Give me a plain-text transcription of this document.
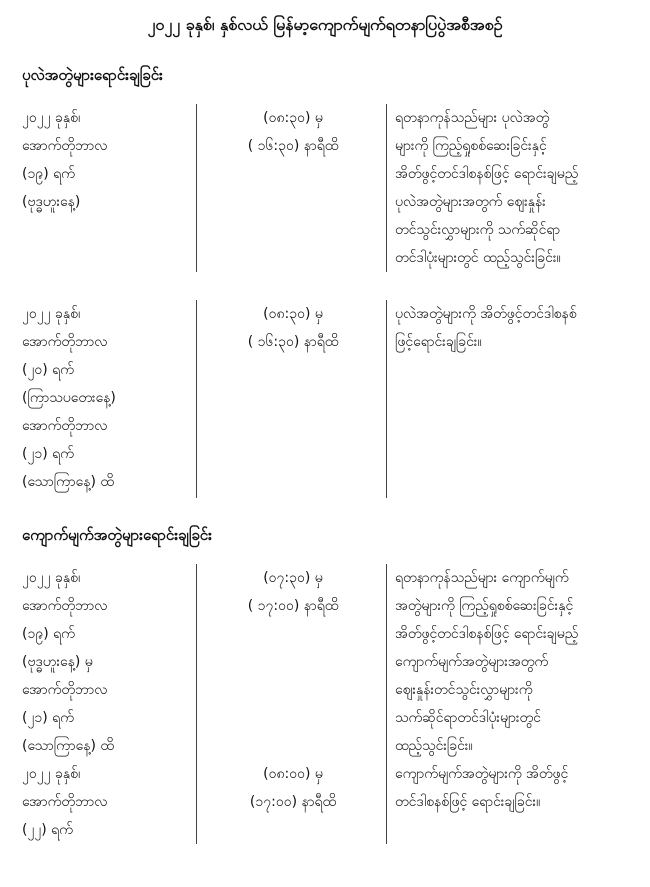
၂၀၂၂ ခုနှစ်၊ နှစ်လယ် မြန်မာ့ကျောက်မျက်ရတနာပြပွဲအစီအစဉ်
ပုလဲအတွဲများရောင်းချခြင်း
၂၀၂၂ ခုနှစ်၊
အောက်တိုဘာလ
(၁၉) ရက်
(ဗုဒ္ဓဟူးနေ့)
(၀၈:၃၀) မှ
( ၁၆:၃၀) နာရီထိ
ရတနာကုန်သည်များ ပုလဲအတွဲ
များကို ကြည့်ရှုစစ်ဆေးခြင်းနှင့်
အိတ်ဖွင့်တင်ဒါစနစ်ဖြင့် ရောင်းချမည့်
ပုလဲအတွဲများအတွက် ဈေးနှုန်း
တင်သွင်းလွှာများကို သက်ဆိုင်ရာ
တင်ဒါပုံးများတွင် ထည့်သွင်းခြင်း။
၂၀၂၂ ခုနှစ်၊
အောက်တိုဘာလ
(၂၀) ရက်
(ကြာသပတေးနေ့)
အောက်တိုဘာလ
(၂၁) ရက်
(သောကြာနေ့) ထိ
(၀၈:၃၀) မှ
( ၁၆:၃၀) နာရီထိ
ပုလဲအတွဲများကို အိတ်ဖွင့်တင်ဒါစနစ်
ဖြင့်ရောင်းချခြင်း။
ကျောက်မျက်အတွဲများရောင်းချခြင်း
၂၀၂၂ ခုနှစ်၊
အောက်တိုဘာလ
(၁၉) ရက်
(ဗုဒ္ဓဟူးနေ့) မှ
အောက်တိုဘာလ
(၂၁) ရက်
(သောကြာနေ့) ထိ
(၀၇:၃၀) မှ
( ၁၇:၀၀) နာရီထိ
ရတနာကုန်သည်များ ကျောက်မျက်
အတွဲများကို ကြည့်ရှုစစ်ဆေးခြင်းနှင့်
အိတ်ဖွင့်တင်ဒါစနစ်ဖြင့် ရောင်းချမည့်
ကျောက်မျက်အတွဲများအတွက်
ဈေးနှုန်းတင်သွင်းလွှာများကို
သက်ဆိုင်ရာတင်ဒါပုံးများတွင်
ထည့်သွင်းခြင်း။
၂၀၂၂ ခုနှစ်၊
အောက်တိုဘာလ
(၂၂) ရက်
(၀၈:၀၀) မှ
(၁၇:၀၀) နာရီထိ
ကျောက်မျက်အတွဲများကို အိတ်ဖွင့်
တင်ဒါစနစ်ဖြင့် ရောင်းချခြင်း။
